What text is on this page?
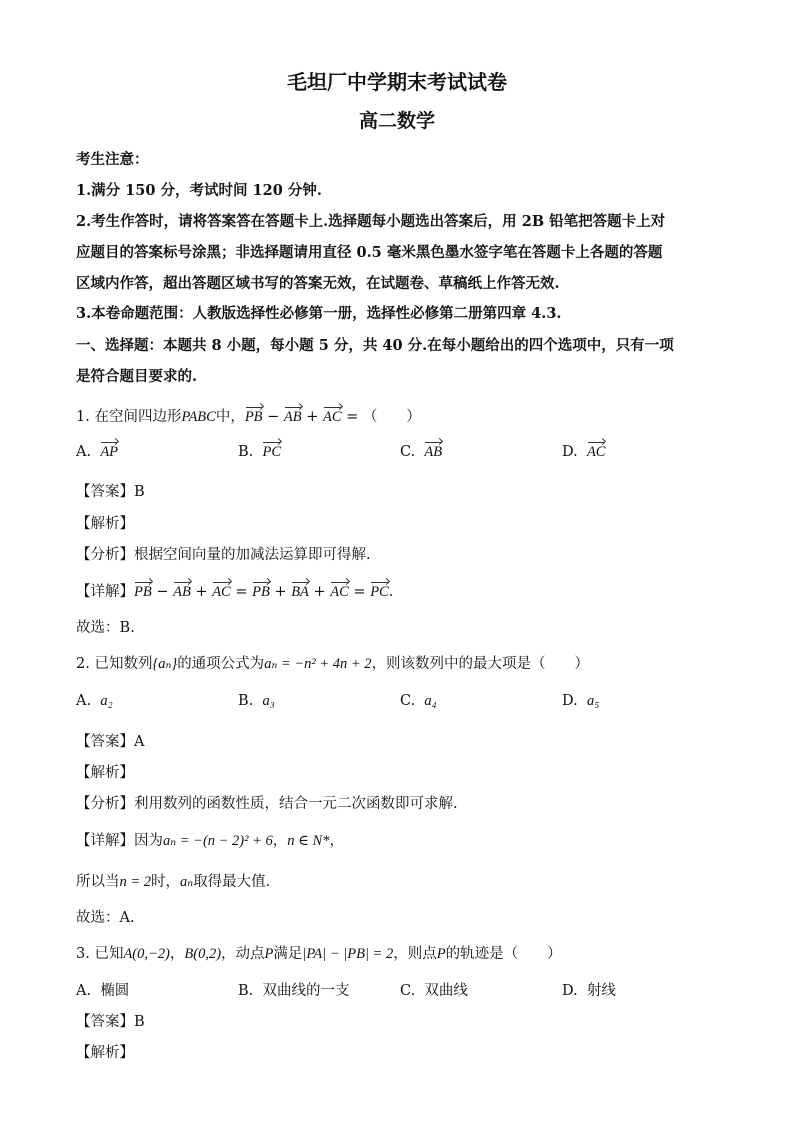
毛坦厂中学期末考试试卷
高二数学
考生注意：
1.满分 150 分，考试时间 120 分钟.
2.考生作答时，请将答案答在答题卡上.选择题每小题选出答案后，用 2B 铅笔把答题卡上对
应题目的答案标号涂黑；非选择题请用直径 0.5 毫米黑色墨水签字笔在答题卡上各题的答题
区域内作答，超出答题区域书写的答案无效，在试题卷、草稿纸上作答无效.
3.本卷命题范围：人教版选择性必修第一册，选择性必修第二册第四章 4.3.
一、选择题：本题共 8 小题，每小题 5 分，共 40 分.在每小题给出的四个选项中，只有一项
是符合题目要求的.
1. 在空间四边形PABC中，PB − AB + AC = （　　）
A. AP	B. PC	C. AB	D. AC
【答案】B
【解析】
【分析】根据空间向量的加减法运算即可得解.
【详解】PB − AB + AC = PB + BA + AC = PC.
故选：B.
2. 已知数列{aₙ}的通项公式为aₙ = −n² + 4n + 2，则该数列中的最大项是（　　）
A. a₂	B. a₃	C. a₄	D. a₅
【答案】A
【解析】
【分析】利用数列的函数性质，结合一元二次函数即可求解.
【详解】因为aₙ = −(n − 2)² + 6，n ∈ N*，
所以当n = 2时，aₙ取得最大值.
故选：A.
3. 已知A(0,−2)，B(0,2)，动点P满足|PA| − |PB| = 2，则点P的轨迹是（　　）
A. 椭圆	B. 双曲线的一支	C. 双曲线	D. 射线
【答案】B
【解析】
